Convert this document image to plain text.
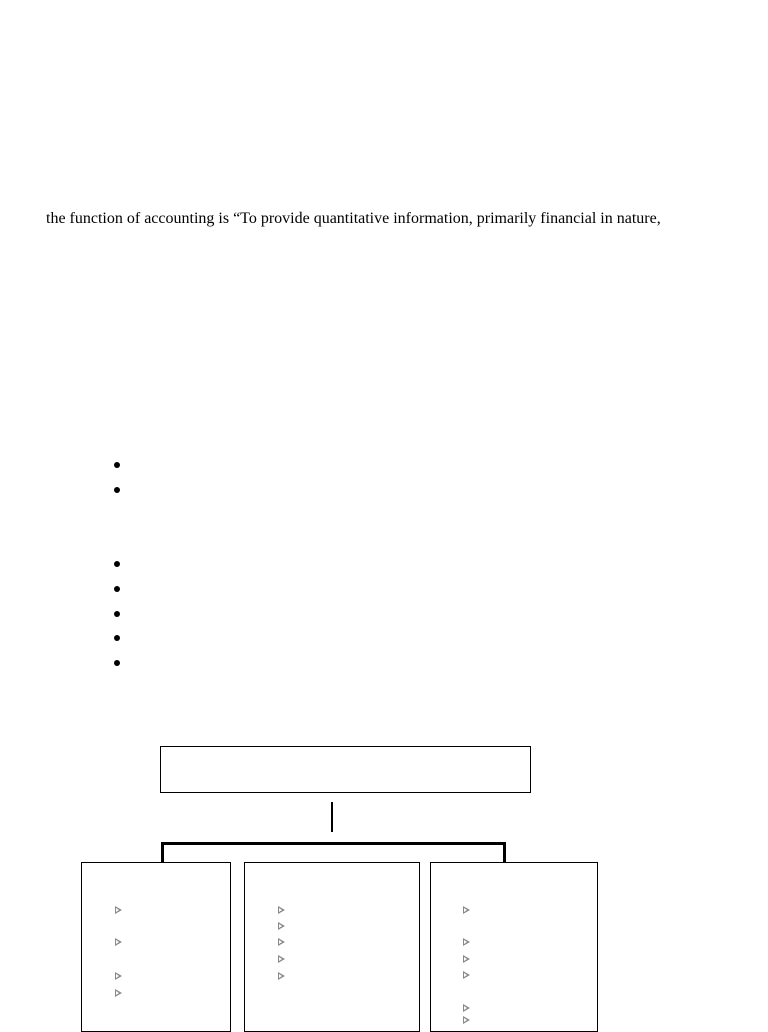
the function of accounting is “To provide quantitative information, primarily financial in nature,
